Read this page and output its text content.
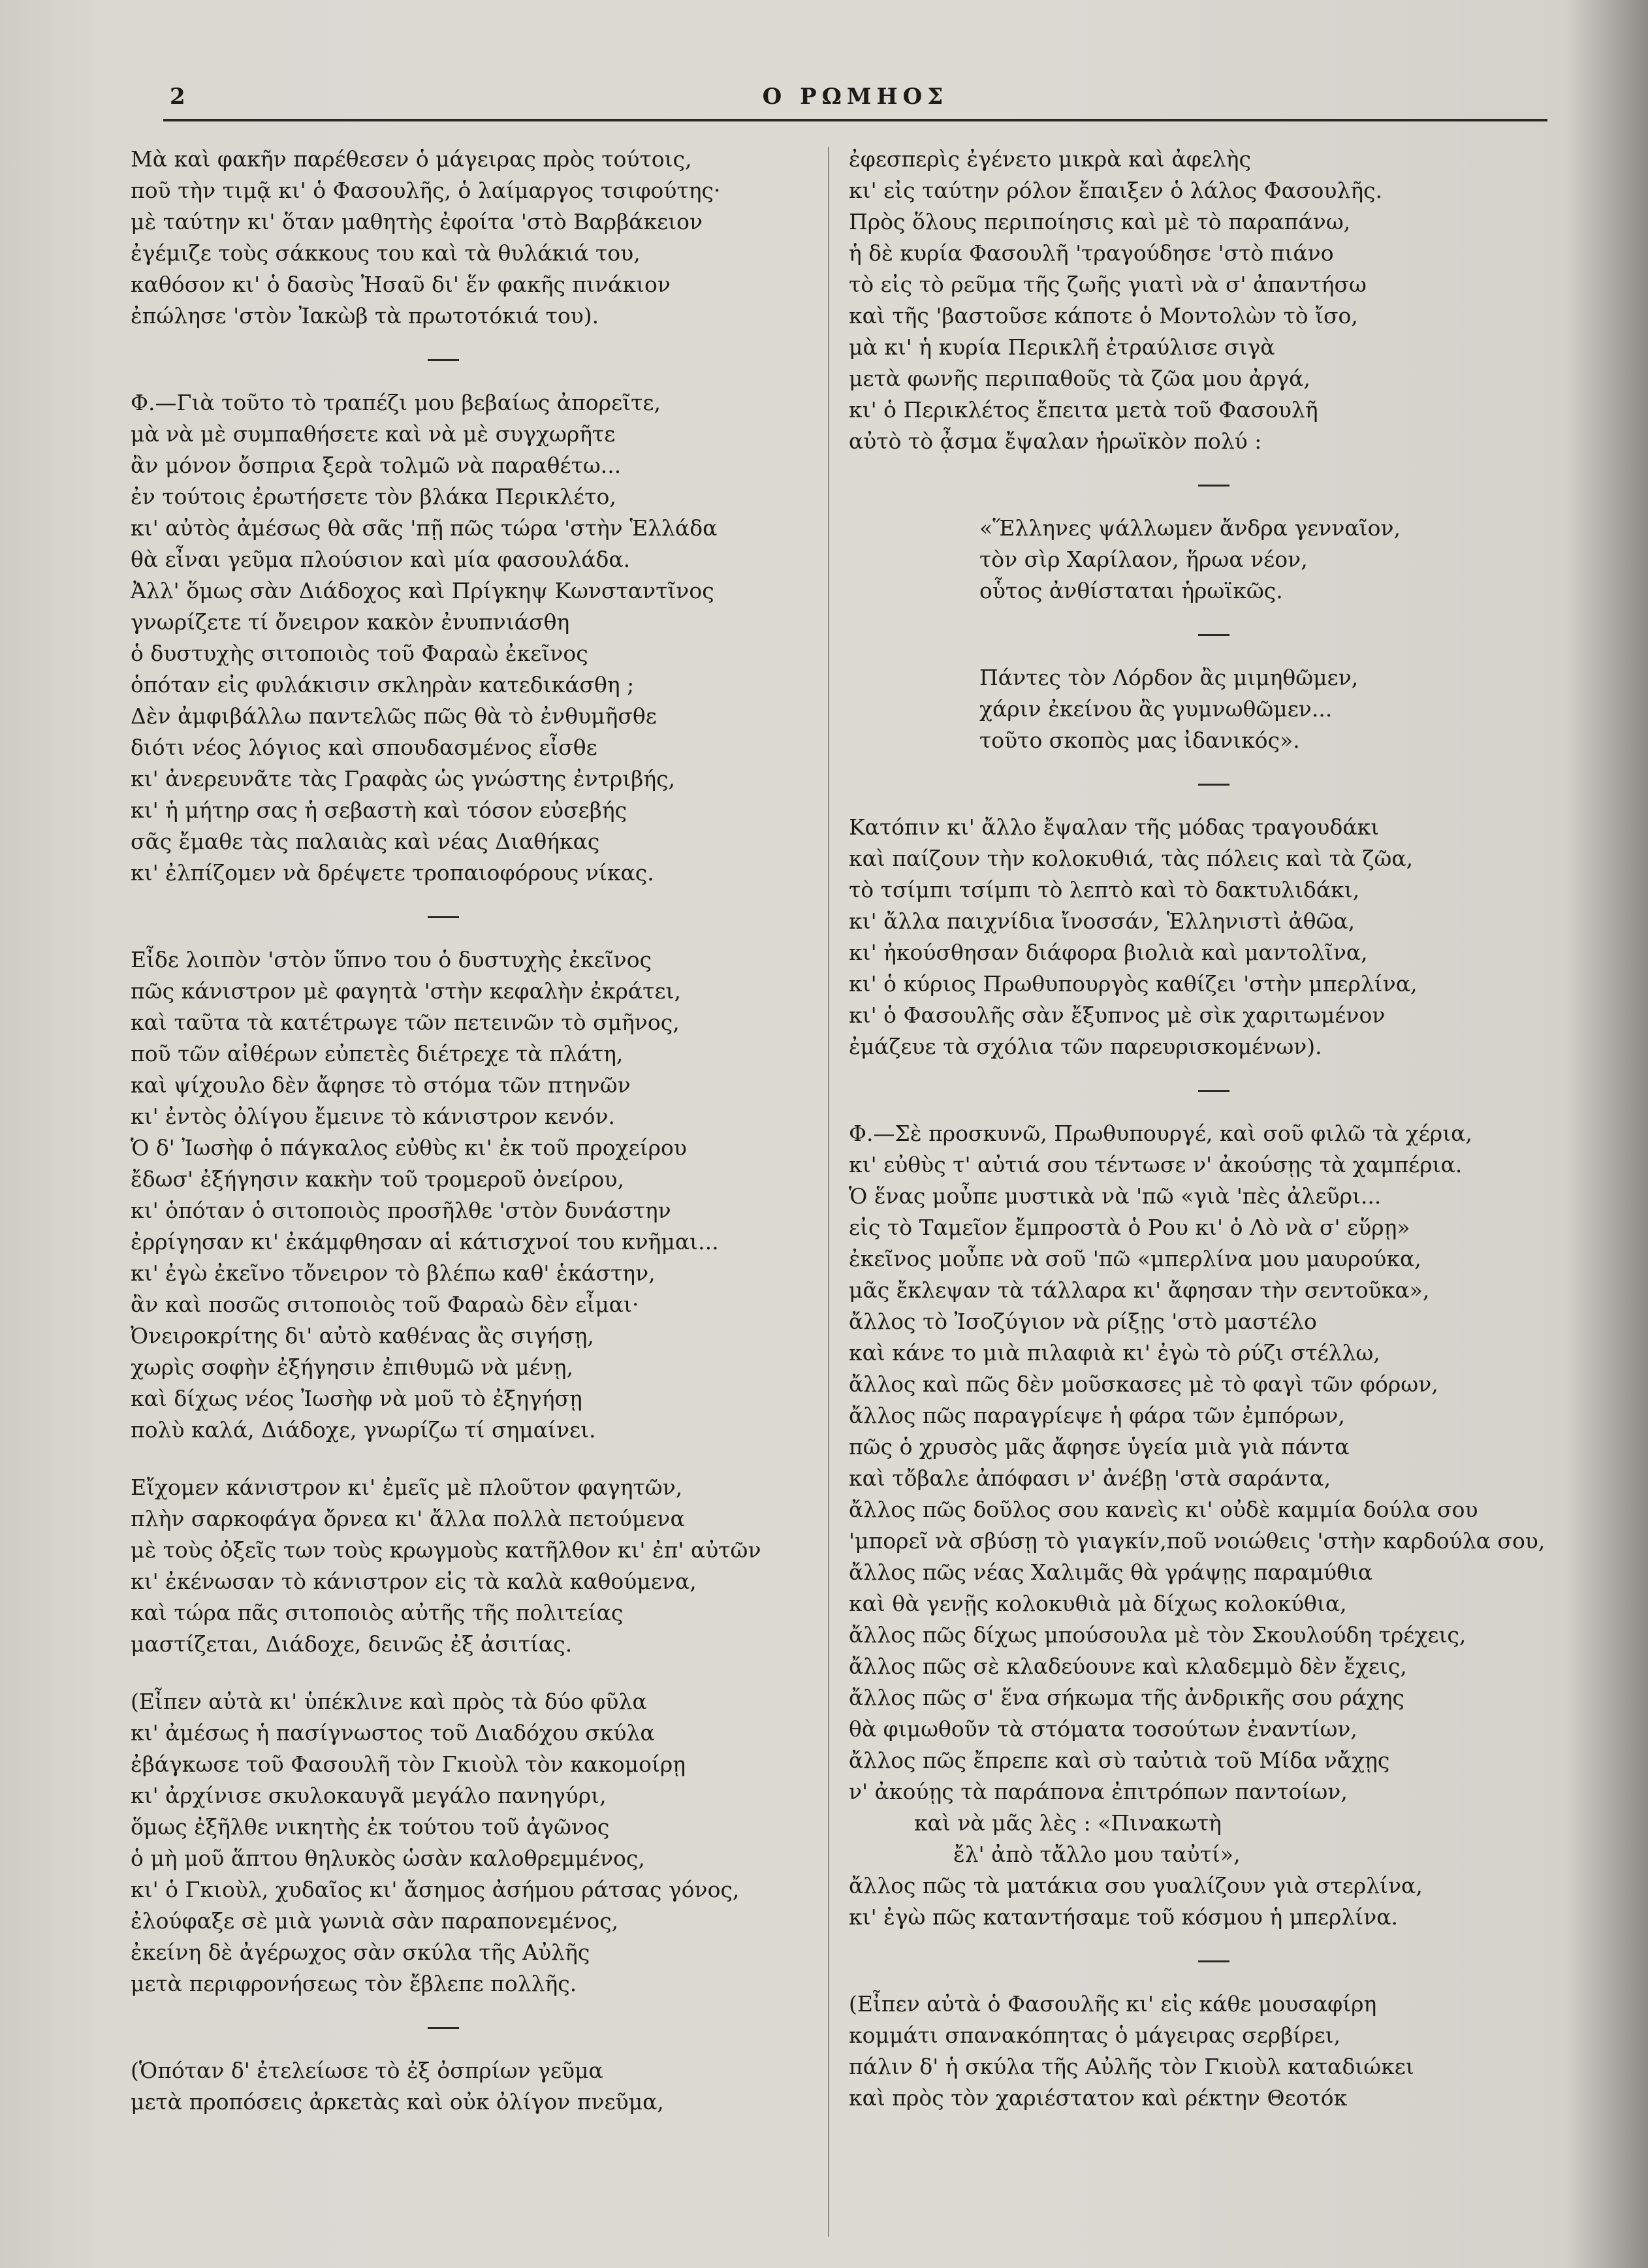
2	Ο ΡΩΜΗΟΣ
Μὰ καὶ φακῆν παρέθεσεν ὁ μάγειρας πρὸς τούτοις,
ποῦ τὴν τιμᾷ κι' ὁ Φασουλῆς, ὁ λαίμαργος τσιφούτης·
μὲ ταύτην κι' ὅταν μαθητὴς ἐφοίτα 'στὸ Βαρβάκειον
ἐγέμιζε τοὺς σάκκους του καὶ τὰ θυλάκιά του,
καθόσον κι' ὁ δασὺς Ἠσαῦ δι' ἕν φακῆς πινάκιον
ἐπώλησε 'στὸν Ἰακὼβ τὰ πρωτοτόκιά του).
Φ.—Γιὰ τοῦτο τὸ τραπέζι μου βεβαίως ἀπορεῖτε,
μὰ νὰ μὲ συμπαθήσετε καὶ νὰ μὲ συγχωρῆτε
ἂν μόνον ὄσπρια ξερὰ τολμῶ νὰ παραθέτω...
ἐν τούτοις ἐρωτήσετε τὸν βλάκα Περικλέτο,
κι' αὐτὸς ἀμέσως θὰ σᾶς 'πῇ πῶς τώρα 'στὴν Ἑλλάδα
θὰ εἶναι γεῦμα πλούσιον καὶ μία φασουλάδα.
Ἀλλ' ὅμως σὰν Διάδοχος καὶ Πρίγκηψ Κωνσταντῖνος
γνωρίζετε τί ὄνειρον κακὸν ἐνυπνιάσθη
ὁ δυστυχὴς σιτοποιὸς τοῦ Φαραὼ ἐκεῖνος
ὁπόταν εἰς φυλάκισιν σκληρὰν κατεδικάσθη ;
Δὲν ἀμφιβάλλω παντελῶς πῶς θὰ τὸ ἐνθυμῆσθε
διότι νέος λόγιος καὶ σπουδασμένος εἶσθε
κι' ἀνερευνᾶτε τὰς Γραφὰς ὡς γνώστης ἐντριβής,
κι' ἡ μήτηρ σας ἡ σεβαστὴ καὶ τόσον εὐσεβής
σᾶς ἔμαθε τὰς παλαιὰς καὶ νέας Διαθήκας
κι' ἐλπίζομεν νὰ δρέψετε τροπαιοφόρους νίκας.
Εἶδε λοιπὸν 'στὸν ὕπνο του ὁ δυστυχὴς ἐκεῖνος
πῶς κάνιστρον μὲ φαγητὰ 'στὴν κεφαλὴν ἐκράτει,
καὶ ταῦτα τὰ κατέτρωγε τῶν πετεινῶν τὸ σμῆνος,
ποῦ τῶν αἰθέρων εὐπετὲς διέτρεχε τὰ πλάτη,
καὶ ψίχουλο δὲν ἄφησε τὸ στόμα τῶν πτηνῶν
κι' ἐντὸς ὀλίγου ἔμεινε τὸ κάνιστρον κενόν.
Ὁ δ' Ἰωσὴφ ὁ πάγκαλος εὐθὺς κι' ἐκ τοῦ προχείρου
ἔδωσ' ἐξήγησιν κακὴν τοῦ τρομεροῦ ὀνείρου,
κι' ὁπόταν ὁ σιτοποιὸς προσῆλθε 'στὸν δυνάστην
ἐρρίγησαν κι' ἐκάμφθησαν αἱ κάτισχνοί του κνῆμαι...
κι' ἐγὼ ἐκεῖνο τὄνειρον τὸ βλέπω καθ' ἑκάστην,
ἂν καὶ ποσῶς σιτοποιὸς τοῦ Φαραὼ δὲν εἶμαι·
Ὀνειροκρίτης δι' αὐτὸ καθένας ἂς σιγήσῃ,
χωρὶς σοφὴν ἐξήγησιν ἐπιθυμῶ νὰ μένῃ,
καὶ δίχως νέος Ἰωσὴφ νὰ μοῦ τὸ ἐξηγήσῃ
πολὺ καλά, Διάδοχε, γνωρίζω τί σημαίνει.
Εἴχομεν κάνιστρον κι' ἐμεῖς μὲ πλοῦτον φαγητῶν,
πλὴν σαρκοφάγα ὄρνεα κι' ἄλλα πολλὰ πετούμενα
μὲ τοὺς ὀξεῖς των τοὺς κρωγμοὺς κατῆλθον κι' ἐπ' αὐτῶν
κι' ἐκένωσαν τὸ κάνιστρον εἰς τὰ καλὰ καθούμενα,
καὶ τώρα πᾶς σιτοποιὸς αὐτῆς τῆς πολιτείας
μαστίζεται, Διάδοχε, δεινῶς ἐξ ἀσιτίας.
(Εἶπεν αὐτὰ κι' ὑπέκλινε καὶ πρὸς τὰ δύο φῦλα
κι' ἀμέσως ἡ πασίγνωστος τοῦ Διαδόχου σκύλα
ἐβάγκωσε τοῦ Φασουλῆ τὸν Γκιοὺλ τὸν κακομοίρῃ
κι' ἀρχίνισε σκυλοκαυγᾶ μεγάλο πανηγύρι,
ὅμως ἐξῆλθε νικητὴς ἐκ τούτου τοῦ ἀγῶνος
ὁ μὴ μοῦ ἅπτου θηλυκὸς ὡσὰν καλοθρεμμένος,
κι' ὁ Γκιοὺλ, χυδαῖος κι' ἄσημος ἀσήμου ράτσας γόνος,
ἐλούφαξε σὲ μιὰ γωνιὰ σὰν παραπονεμένος,
ἐκείνη δὲ ἀγέρωχος σὰν σκύλα τῆς Αὐλῆς
μετὰ περιφρονήσεως τὸν ἔβλεπε πολλῆς.
(Ὁπόταν δ' ἐτελείωσε τὸ ἐξ ὀσπρίων γεῦμα
μετὰ προπόσεις ἀρκετὰς καὶ οὐκ ὀλίγον πνεῦμα,
ἐφεσπερὶς ἐγένετο μικρὰ καὶ ἀφελὴς
κι' εἰς ταύτην ρόλον ἔπαιξεν ὁ λάλος Φασουλῆς.
Πρὸς ὅλους περιποίησις καὶ μὲ τὸ παραπάνω,
ἡ δὲ κυρία Φασουλῆ 'τραγούδησε 'στὸ πιάνο
τὸ εἰς τὸ ρεῦμα τῆς ζωῆς γιατὶ νὰ σ' ἀπαντήσω
καὶ τῆς 'βαστοῦσε κάποτε ὁ Μοντολὼν τὸ ἴσο,
μὰ κι' ἡ κυρία Περικλῆ ἐτραύλισε σιγὰ
μετὰ φωνῆς περιπαθοῦς τὰ ζῶα μου ἀργά,
κι' ὁ Περικλέτος ἔπειτα μετὰ τοῦ Φασουλῆ
αὐτὸ τὸ ᾆσμα ἔψαλαν ἡρωϊκὸν πολύ :
«Ἕλληνες ψάλλωμεν ἄνδρα γενναῖον,
τὸν σὶρ Χαρίλαον, ἥρωα νέον,
οὗτος ἀνθίσταται ἡρωϊκῶς.
Πάντες τὸν Λόρδον ἂς μιμηθῶμεν,
χάριν ἐκείνου ἂς γυμνωθῶμεν...
τοῦτο σκοπὸς μας ἰδανικός».
Κατόπιν κι' ἄλλο ἔψαλαν τῆς μόδας τραγουδάκι
καὶ παίζουν τὴν κολοκυθιά, τὰς πόλεις καὶ τὰ ζῶα,
τὸ τσίμπι τσίμπι τὸ λεπτὸ καὶ τὸ δακτυλιδάκι,
κι' ἄλλα παιχνίδια ἴνοσσάν, Ἑλληνιστὶ ἀθῶα,
κι' ἠκούσθησαν διάφορα βιολιὰ καὶ μαντολῖνα,
κι' ὁ κύριος Πρωθυπουργὸς καθίζει 'στὴν μπερλίνα,
κι' ὁ Φασουλῆς σὰν ἔξυπνος μὲ σὶκ χαριτωμένον
ἐμάζευε τὰ σχόλια τῶν παρευρισκομένων).
Φ.—Σὲ προσκυνῶ, Πρωθυπουργέ, καὶ σοῦ φιλῶ τὰ χέρια,
κι' εὐθὺς τ' αὐτιά σου τέντωσε ν' ἀκούσῃς τὰ χαμπέρια.
Ὁ ἕνας μοὖπε μυστικὰ νὰ 'πῶ «γιὰ 'πὲς ἀλεῦρι...
εἰς τὸ Ταμεῖον ἔμπροστὰ ὁ Ρου κι' ὁ Λὸ νὰ σ' εὕρῃ»
ἐκεῖνος μοὖπε νὰ σοῦ 'πῶ «μπερλίνα μου μαυρούκα,
μᾶς ἔκλεψαν τὰ τάλλαρα κι' ἄφησαν τὴν σεντοῦκα»,
ἄλλος τὸ Ἰσοζύγιον νὰ ρίξῃς 'στὸ μαστέλο
καὶ κάνε το μιὰ πιλαφιὰ κι' ἐγὼ τὸ ρύζι στέλλω,
ἄλλος καὶ πῶς δὲν μοῦσκασες μὲ τὸ φαγὶ τῶν φόρων,
ἄλλος πῶς παραγρίεψε ἡ φάρα τῶν ἐμπόρων,
πῶς ὁ χρυσὸς μᾶς ἄφησε ὑγεία μιὰ γιὰ πάντα
καὶ τὄβαλε ἀπόφασι ν' ἀνέβῃ 'στὰ σαράντα,
ἄλλος πῶς δοῦλος σου κανεὶς κι' οὐδὲ καμμία δούλα σου
'μπορεῖ νὰ σβύσῃ τὸ γιαγκίν,ποῦ νοιώθεις 'στὴν καρδούλα σου,
ἄλλος πῶς νέας Χαλιμᾶς θὰ γράψῃς παραμύθια
καὶ θὰ γενῇς κολοκυθιὰ μὰ δίχως κολοκύθια,
ἄλλος πῶς δίχως μπούσουλα μὲ τὸν Σκουλούδη τρέχεις,
ἄλλος πῶς σὲ κλαδεύουνε καὶ κλαδεμμὸ δὲν ἔχεις,
ἄλλος πῶς σ' ἕνα σήκωμα τῆς ἀνδρικῆς σου ράχης
θὰ φιμωθοῦν τὰ στόματα τοσούτων ἐναντίων,
ἄλλος πῶς ἔπρεπε καὶ σὺ ταὐτιὰ τοῦ Μίδα νἄχῃς
ν' ἀκούῃς τὰ παράπονα ἐπιτρόπων παντοίων,
καὶ νὰ μᾶς λὲς : «Πινακωτὴ
ἔλ' ἀπὸ τἄλλο μου ταὐτί»,
ἄλλος πῶς τὰ ματάκια σου γυαλίζουν γιὰ στερλίνα,
κι' ἐγὼ πῶς καταντήσαμε τοῦ κόσμου ἡ μπερλίνα.
(Εἶπεν αὐτὰ ὁ Φασουλῆς κι' εἰς κάθε μουσαφίρη
κομμάτι σπανακόπητας ὁ μάγειρας σερβίρει,
πάλιν δ' ἡ σκύλα τῆς Αὐλῆς τὸν Γκιοὺλ καταδιώκει
καὶ πρὸς τὸν χαριέστατον καὶ ρέκτην Θεοτόκ
